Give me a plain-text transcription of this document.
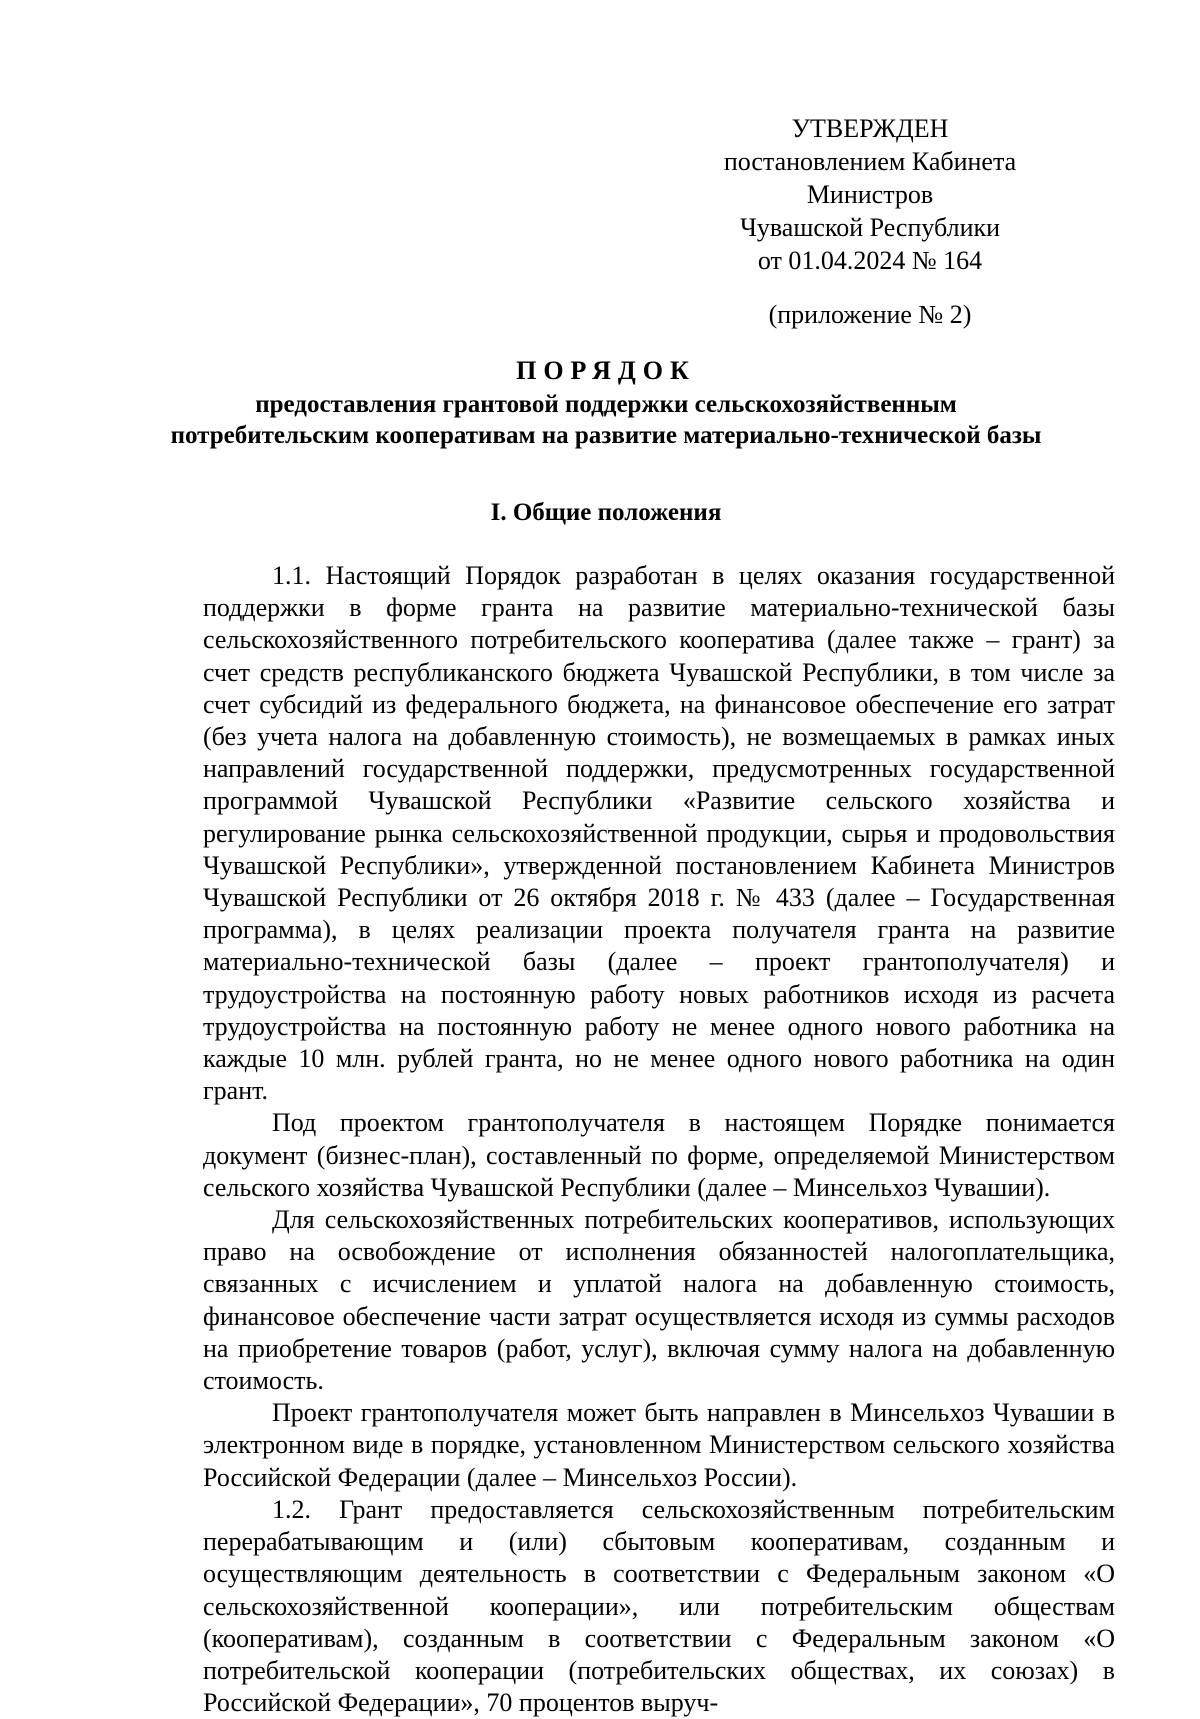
УТВЕРЖДЕН
постановлением Кабинета Министров
Чувашской Республики
от 01.04.2024 № 164
(приложение № 2)
ПОРЯДОК
предоставления грантовой поддержки сельскохозяйственным
потребительским кооперативам на развитие материально-технической базы
I. Общие положения

1.1. Настоящий Порядок разработан в целях оказания государственной поддержки в форме гранта на развитие материально-технической базы сельскохозяйственного потребительского кооператива (далее также – грант) за счет средств республиканского бюджета Чувашской Республики, в том числе за счет субсидий из федерального бюджета, на финансовое обеспечение его затрат (без учета налога на добавленную стоимость), не возмещаемых в рамках иных направлений государственной поддержки, предусмотренных государственной программой Чувашской Республики «Развитие сельского хозяйства и регулирование рынка сельскохозяйственной продукции, сырья и продовольствия Чувашской Республики», утвержденной постановлением Кабинета Министров Чувашской Республики от 26 октября 2018 г. № 433 (далее – Государственная программа), в целях реализации проекта получателя гранта на развитие материально-технической базы (далее – проект грантополучателя) и трудоустройства на постоянную работу новых работников исходя из расчета трудоустройства на постоянную работу не менее одного нового работника на каждые 10 млн. рублей гранта, но не менее одного нового работника на один грант.

Под проектом грантополучателя в настоящем Порядке понимается документ (бизнес-план), составленный по форме, определяемой Министерством сельского хозяйства Чувашской Республики (далее – Минсельхоз Чувашии).

Для сельскохозяйственных потребительских кооперативов, использующих право на освобождение от исполнения обязанностей налогоплательщика, связанных с исчислением и уплатой налога на добавленную стоимость, финансовое обеспечение части затрат осуществляется исходя из суммы расходов на приобретение товаров (работ, услуг), включая сумму налога на добавленную стоимость.

Проект грантополучателя может быть направлен в Минсельхоз Чувашии в электронном виде в порядке, установленном Министерством сельского хозяйства Российской Федерации (далее – Минсельхоз России).

1.2. Грант предоставляется сельскохозяйственным потребительским перерабатывающим и (или) сбытовым кооперативам, созданным и осуществляющим деятельность в соответствии с Федеральным законом «О сельскохозяйственной кооперации», или потребительским обществам (кооперативам), созданным в соответствии с Федеральным законом «О потребительской кооперации (потребительских обществах, их союзах) в Российской Федерации», 70 процентов выруч-
